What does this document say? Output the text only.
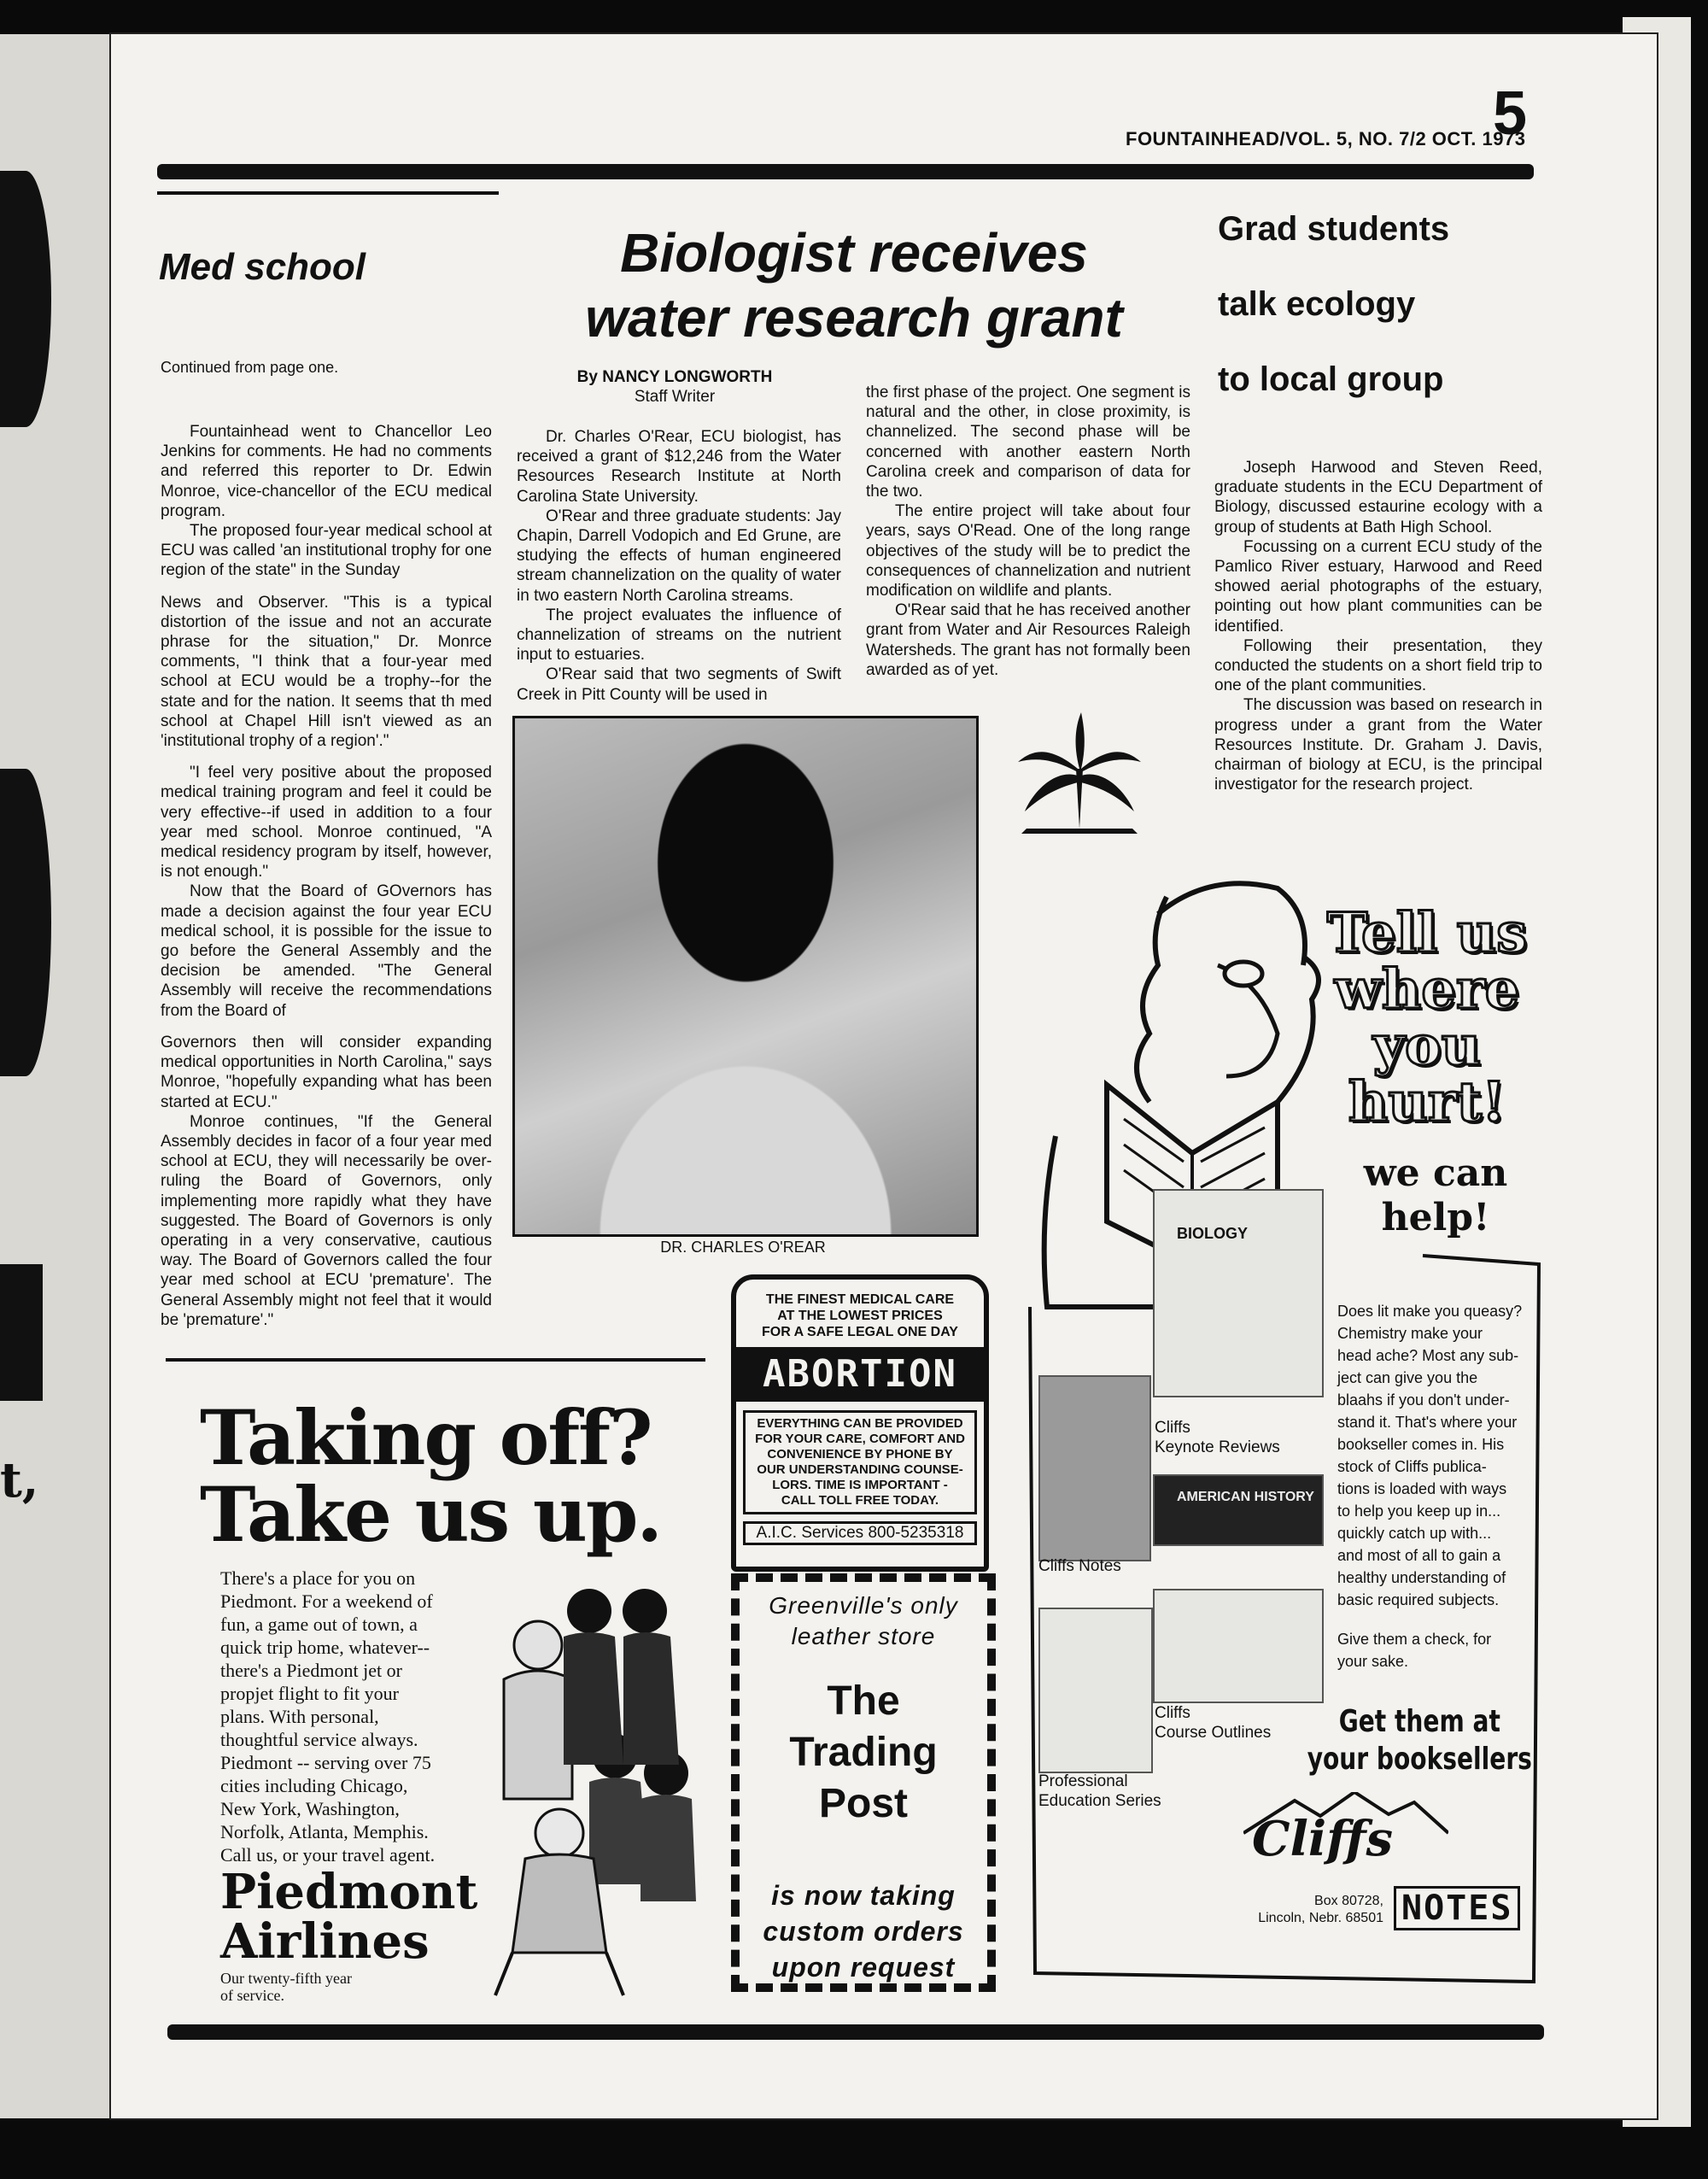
t,
FOUNTAINHEAD/VOL. 5, NO. 7/2 OCT. 1973
5
Med school
Continued from page one.

Fountainhead went to Chancellor Leo Jenkins for comments. He had no comments and referred this reporter to Dr. Edwin Monroe, vice-chancellor of the ECU medical program.

The proposed four-year medical school at ECU was called 'an institutional trophy for one region of the state" in the Sunday

News and Observer. "This is a typical distortion of the issue and not an accurate phrase for the situation," Dr. Monrce comments, "I think that a four-year med school at ECU would be a trophy--for the state and for the nation. It seems that th med school at Chapel Hill isn't viewed as an 'institutional trophy of a region'."

"I feel very positive about the proposed medical training program and feel it could be very effective--if used in addition to a four year med school. Monroe continued, "A medical residency program by itself, however, is not enough."

Now that the Board of GOvernors has made a decision against the four year ECU medical school, it is possible for the issue to go before the General Assembly and the decision be amended. "The General Assembly will receive the recommendations from the Board of

Governors then will consider expanding medical opportunities in North Carolina," says Monroe, "hopefully expanding what has been started at ECU."

Monroe continues, "If the General Assembly decides in facor of a four year med school at ECU, they will necessarily be over-ruling the Board of Governors, only implementing more rapidly what they have suggested. The Board of Governors is only operating in a very conservative, cautious way. The Board of Governors called the four year med school at ECU 'premature'. The General Assembly might not feel that it would be 'premature'."

Biologist receives
water research grant
By NANCY LONGWORTH
Staff Writer

Dr. Charles O'Rear, ECU biologist, has received a grant of $12,246 from the Water Resources Research Institute at North Carolina State University.

O'Rear and three graduate students: Jay Chapin, Darrell Vodopich and Ed Grune, are studying the effects of human engineered stream channelization on the quality of water in two eastern North Carolina streams.

The project evaluates the influence of channelization of streams on the nutrient input to estuaries.

O'Rear said that two segments of Swift Creek in Pitt County will be used in

the first phase of the project. One segment is natural and the other, in close proximity, is channelized. The second phase will be concerned with another eastern North Carolina creek and comparison of data for the two.

The entire project will take about four years, says O'Read. One of the long range objectives of the study will be to predict the consequences of channelization and nutrient modification on wildlife and plants.

O'Rear said that he has received another grant from Water and Air Resources Raleigh Watersheds. The grant has not formally been awarded as of yet.

DR. CHARLES O'REAR
Grad students
talk ecology
to local group

Joseph Harwood and Steven Reed, graduate students in the ECU Department of Biology, discussed estaurine ecology with a group of students at Bath High School.

Focussing on a current ECU study of the Pamlico River estuary, Harwood and Reed showed aerial photographs of the estuary, pointing out how plant communities can be identified.

Following their presentation, they conducted the students on a short field trip to one of the plant communities.

The discussion was based on research in progress under a grant from the Water Resources Institute. Dr. Graham J. Davis, chairman of biology at ECU, is the principal investigator for the research project.

Taking off?
Take us up.
There's a place for you on
Piedmont. For a weekend of
fun, a game out of town, a
quick trip home, whatever--
there's a Piedmont jet or
propjet flight to fit your
plans. With personal,
thoughtful service always.
Piedmont -- serving over 75
cities including Chicago,
New York, Washington,
Norfolk, Atlanta, Memphis.
Call us, or your travel agent.
Piedmont
Airlines
Our twenty-fifth year
of service.
THE FINEST MEDICAL CARE
AT THE LOWEST PRICES
FOR A SAFE LEGAL ONE DAY
ABORTION
EVERYTHING CAN BE PROVIDED
FOR YOUR CARE, COMFORT AND
CONVENIENCE BY PHONE BY
OUR UNDERSTANDING COUNSE-
LORS. TIME IS IMPORTANT -
CALL TOLL FREE TODAY.
A.I.C. Services 800-5235318
Greenville's only
leather store
The
Trading
Post
is now taking
custom orders
upon request
Tell us
where
you
hurt!
we can
help!
BIOLOGY
Cliffs
Keynote Reviews
Cliffs Notes
AMERICAN HISTORY
Cliffs
Course Outlines
Professional
Education Series
Does lit make you queasy?
Chemistry make your
head ache? Most any sub-
ject can give you the
blaahs if you don't under-
stand it. That's where your
bookseller comes in. His
stock of Cliffs publica-
tions is loaded with ways
to help you keep up in...
quickly catch up with...
and most of all to gain a
healthy understanding of
basic required subjects.
Give them a check, for
your sake.
Get them at
your booksellers
Cliffs
Box 80728,
Lincoln, Nebr. 68501 NOTES
